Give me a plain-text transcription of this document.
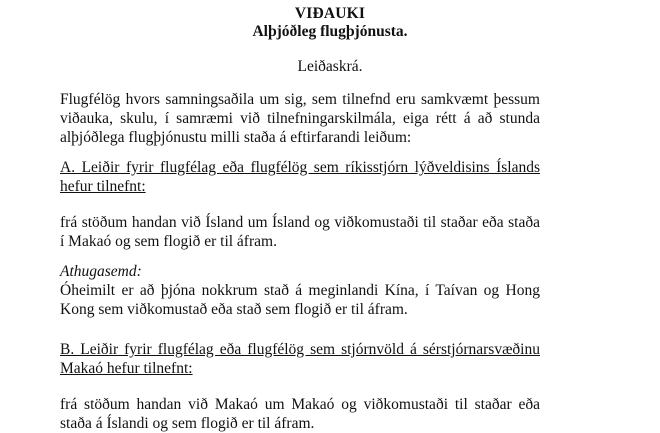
VIÐAUKI
Alþjóðleg flugþjónusta.
Leiðaskrá.
Flugfélög hvors samningsaðila um sig, sem tilnefnd eru samkvæmt þessum viðauka, skulu, í samræmi við tilnefningarskilmála, eiga rétt á að stunda alþjóðlega flugþjónustu milli staða á eftirfarandi leiðum:
A. Leiðir fyrir flugfélag eða flugfélög sem ríkisstjórn lýðveldisins Íslands hefur tilnefnt:
frá stöðum handan við Ísland um Ísland og viðkomustaði til staðar eða staða í Makaó og sem flogið er til áfram.
Athugasemd:
Óheimilt er að þjóna nokkrum stað á meginlandi Kína, í Taívan og Hong Kong sem viðkomustað eða stað sem flogið er til áfram.
B. Leiðir fyrir flugfélag eða flugfélög sem stjórnvöld á sérstjórnarsvæðinu Makaó hefur tilnefnt:
frá stöðum handan við Makaó um Makaó og viðkomustaði til staðar eða staða á Íslandi og sem flogið er til áfram.
